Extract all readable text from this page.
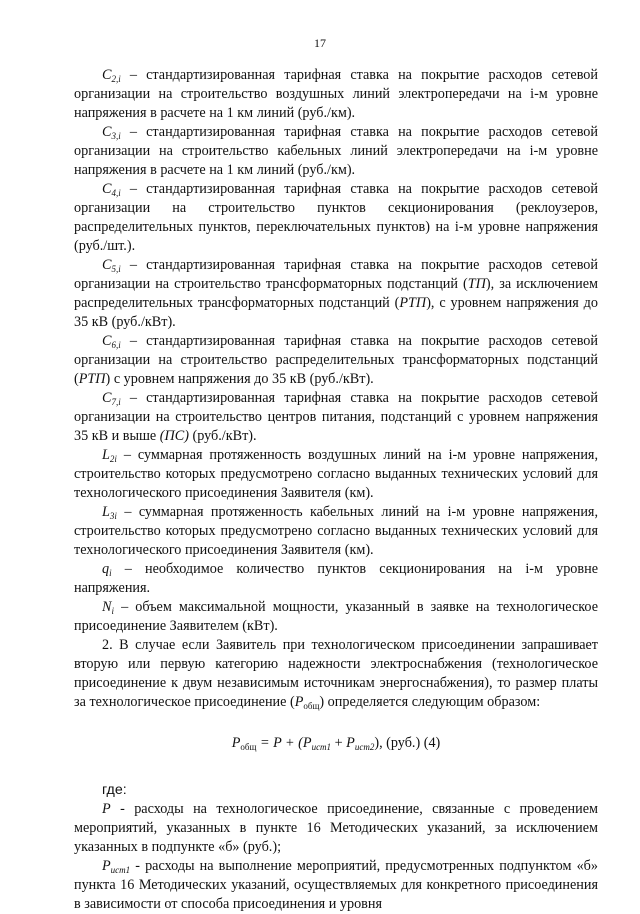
17

$C_{2,i}$ – стандартизированная тарифная ставка на покрытие расходов сетевой организации на строительство воздушных линий электропередачи на i-м уровне напряжения в расчете на 1 км линий (руб./км).

$C_{3,i}$ – стандартизированная тарифная ставка на покрытие расходов сетевой организации на строительство кабельных линий электропередачи на i-м уровне напряжения в расчете на 1 км линий (руб./км).

$C_{4,i}$ – стандартизированная тарифная ставка на покрытие расходов сетевой организации на строительство пунктов секционирования (реклоузеров, распределительных пунктов, переключательных пунктов) на i-м уровне напряжения (руб./шт.).

$C_{5,i}$ – стандартизированная тарифная ставка на покрытие расходов сетевой организации на строительство трансформаторных подстанций (ТП), за исключением распределительных трансформаторных подстанций (РТП), с уровнем напряжения до 35 кВ (руб./кВт).

$C_{6,i}$ – стандартизированная тарифная ставка на покрытие расходов сетевой организации на строительство распределительных трансформаторных подстанций (РТП) с уровнем напряжения до 35 кВ (руб./кВт).

$C_{7,i}$ – стандартизированная тарифная ставка на покрытие расходов сетевой организации на строительство центров питания, подстанций с уровнем напряжения 35 кВ и выше (ПС) (руб./кВт).

$L_{2i}$ – суммарная протяженность воздушных линий на i-м уровне напряжения, строительство которых предусмотрено согласно выданных технических условий для технологического присоединения Заявителя (км).

$L_{3i}$ – суммарная протяженность кабельных линий на i-м уровне напряжения, строительство которых предусмотрено согласно выданных технических условий для технологического присоединения Заявителя (км).

$q_i$ – необходимое количество пунктов секционирования на i-м уровне напряжения.

$N_i$ – объем максимальной мощности, указанный в заявке на технологическое присоединение Заявителем (кВт).

2. В случае если Заявитель при технологическом присоединении запрашивает вторую или первую категорию надежности электроснабжения (технологическое присоединение к двум независимым источникам энергоснабжения), то размер платы за технологическое присоединение $(P_{общ})$ определяется следующим образом:

$P_{общ} = P + (P_{ист1} + P_{ист2})$, (руб.) (4)

где:

P - расходы на технологическое присоединение, связанные с проведением мероприятий, указанных в пункте 16 Методических указаний, за исключением указанных в подпункте «б» (руб.);

$P_{ист1}$ - расходы на выполнение мероприятий, предусмотренных подпунктом «б» пункта 16 Методических указаний, осуществляемых для конкретного присоединения в зависимости от способа присоединения и уровня
